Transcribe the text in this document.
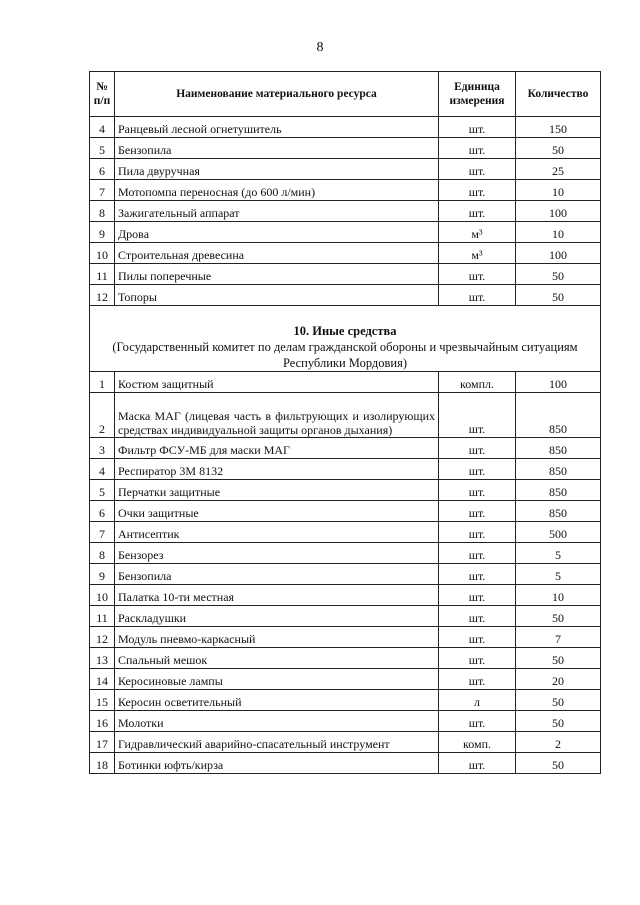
8
№ п/п	Наименование материального ресурса	Единица измерения	Количество
4	Ранцевый лесной огнетушитель	шт.	150
5	Бензопила	шт.	50
6	Пила двуручная	шт.	25
7	Мотопомпа переносная (до 600 л/мин)	шт.	10
8	Зажигательный аппарат	шт.	100
9	Дрова	м³	10
10	Строительная древесина	м³	100
11	Пилы поперечные	шт.	50
12	Топоры	шт.	50

10. Иные средства
(Государственный комитет по делам гражданской обороны и чрезвычайным ситуациям Республики Мордовия)			

1	Костюм защитный	компл.	100
2	Маска МАГ (лицевая часть в фильтрующих и изолирующих средствах индивидуальной защиты органов дыхания)	шт.	850
3	Фильтр ФСУ-МБ для маски МАГ	шт.	850
4	Респиратор 3М 8132	шт.	850
5	Перчатки защитные	шт.	850
6	Очки защитные	шт.	850
7	Антисептик	шт.	500
8	Бензорез	шт.	5
9	Бензопила	шт.	5
10	Палатка 10-ти местная	шт.	10
11	Раскладушки	шт.	50
12	Модуль пневмо-каркасный	шт.	7
13	Спальный мешок	шт.	50
14	Керосиновые лампы	шт.	20
15	Керосин осветительный	л	50
16	Молотки	шт.	50
17	Гидравлический аварийно-спасательный инструмент	комп.	2
18	Ботинки юфть/кирза	шт.	50
